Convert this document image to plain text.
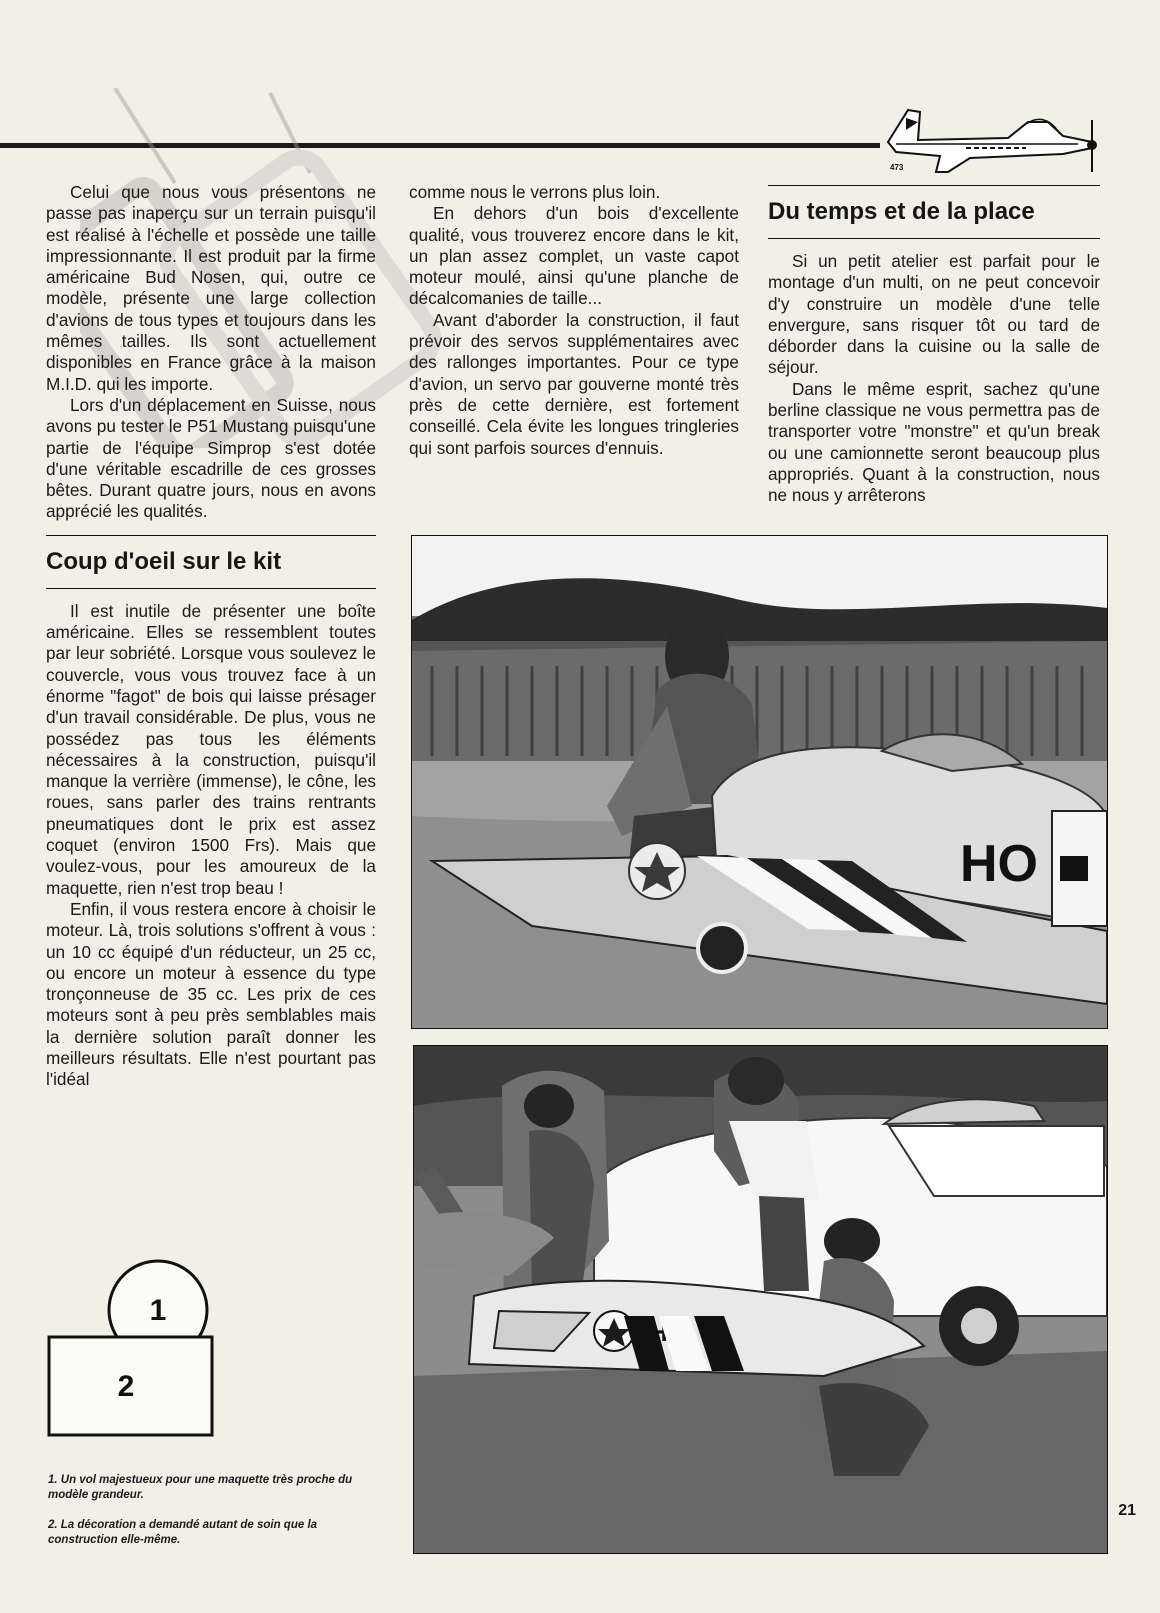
473

Celui que nous vous présentons ne passe pas inaperçu sur un terrain puisqu'il est réalisé à l'échelle et possède une taille impressionnante. Il est produit par la firme américaine Bud Nosen, qui, outre ce modèle, présente une large collection d'avions de tous types et toujours dans les mêmes tailles. Ils sont actuellement disponibles en France grâce à la maison M.I.D. qui les importe.

Lors d'un déplacement en Suisse, nous avons pu tester le P51 Mustang puisqu'une partie de l'équipe Simprop s'est dotée d'une véritable escadrille de ces grosses bêtes. Durant quatre jours, nous en avons apprécié les qualités.

Coup d'oeil sur le kit

Il est inutile de présenter une boîte américaine. Elles se ressemblent toutes par leur sobriété. Lorsque vous soulevez le couvercle, vous vous trouvez face à un énorme "fagot" de bois qui laisse présager d'un travail considérable. De plus, vous ne possédez pas tous les éléments nécessaires à la construction, puisqu'il manque la verrière (immense), le cône, les roues, sans parler des trains rentrants pneumatiques dont le prix est assez coquet (environ 1500 Frs). Mais que voulez-vous, pour les amoureux de la maquette, rien n'est trop beau !

Enfin, il vous restera encore à choisir le moteur. Là, trois solutions s'offrent à vous : un 10 cc équipé d'un réducteur, un 25 cc, ou encore un moteur à essence du type tronçonneuse de 35 cc. Les prix de ces moteurs sont à peu près semblables mais la dernière solution paraît donner les meilleurs résultats. Elle n'est pourtant pas l'idéal

comme nous le verrons plus loin.

En dehors d'un bois d'excellente qualité, vous trouverez encore dans le kit, un plan assez complet, un vaste capot moteur moulé, ainsi qu'une planche de décalcomanies de taille...

Avant d'aborder la construction, il faut prévoir des servos supplémentaires avec des rallonges importantes. Pour ce type d'avion, un servo par gouverne monté très près de cette dernière, est fortement conseillé. Cela évite les longues tringleries qui sont parfois sources d'ennuis.

Du temps et de la place

Si un petit atelier est parfait pour le montage d'un multi, on ne peut concevoir d'y construire un modèle d'une telle envergure, sans risquer tôt ou tard de déborder dans la cuisine ou la salle de séjour.

Dans le même esprit, sachez qu'une berline classique ne vous permettra pas de transporter votre "monstre" et qu'un break ou une camionnette seront beaucoup plus appropriés. Quant à la construction, nous ne nous y arrêterons

HO
1
2
1. Un vol majestueux pour une maquette très proche du modèle grandeur.
2. La décoration a demandé autant de soin que la construction elle-même.
21
